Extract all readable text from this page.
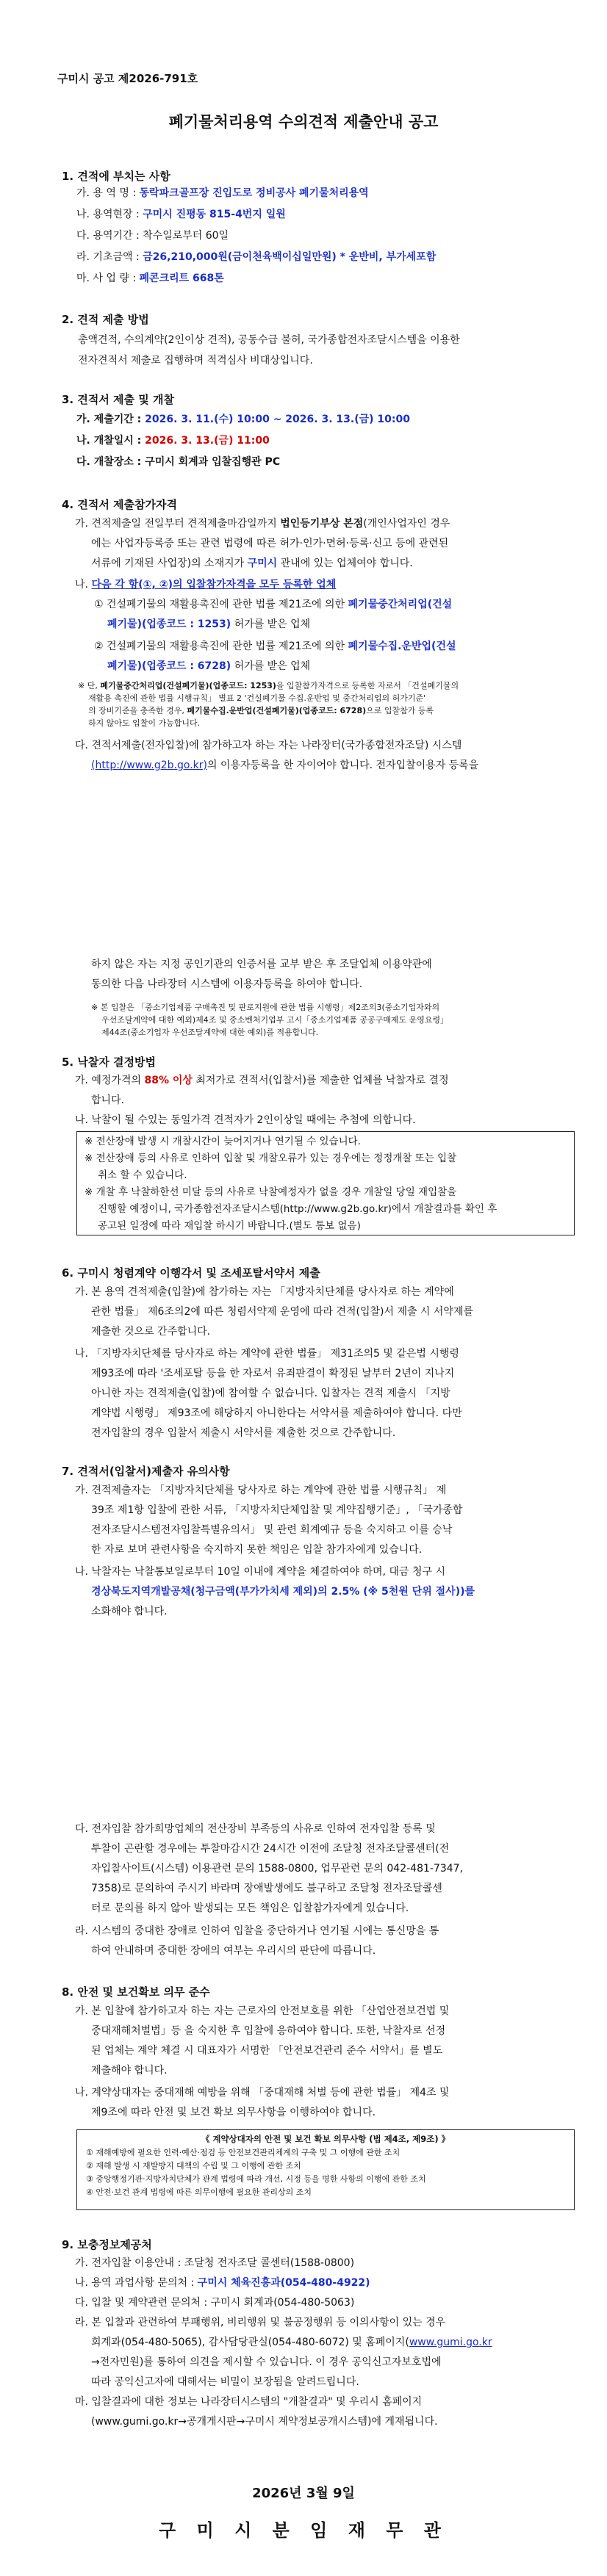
구미시 공고 제2026-791호
폐기물처리용역 수의견적 제출안내 공고
1. 견적에 부치는 사항
가. 용 역 명 : 동락파크골프장 진입도로 정비공사 폐기물처리용역
나. 용역현장 : 구미시 진평동 815-4번지 일원
다. 용역기간 : 착수일로부터 60일
라. 기초금액 : 금26,210,000원(금이천육백이십일만원) * 운반비, 부가세포함
마. 사 업 량 : 폐콘크리트 668톤
2. 견적 제출 방법
총액견적, 수의계약(2인이상 견적), 공동수급 불허, 국가종합전자조달시스템을 이용한
전자견적서 제출로 집행하며 적격심사 비대상입니다.
3. 견적서 제출 및 개찰
가. 제출기간 : 2026. 3. 11.(수) 10:00 ~ 2026. 3. 13.(금) 10:00
나. 개찰일시 : 2026. 3. 13.(금) 11:00
다. 개찰장소 : 구미시 회계과 입찰집행관 PC
4. 견적서 제출참가자격
가. 견적제출일 전일부터 견적제출마감일까지 법인등기부상 본점(개인사업자인 경우
에는 사업자등록증 또는 관련 법령에 따른 허가·인가·면허·등록·신고 등에 관련된
서류에 기재된 사업장)의 소재지가 구미시 관내에 있는 업체여야 합니다.
나. 다음 각 항(①, ②)의 입찰참가자격을 모두 등록한 업체
① 건설폐기물의 재활용촉진에 관한 법률 제21조에 의한 폐기물중간처리업(건설
폐기물)(업종코드 : 1253) 허가를 받은 업체
② 건설폐기물의 재활용촉진에 관한 법률 제21조에 의한 폐기물수집.운반업(건설
폐기물)(업종코드 : 6728) 허가를 받은 업체
※ 단, 폐기물중간처리업(건설폐기물)(업종코드: 1253)을 입찰참가자격으로 등록한 자로서 「건설폐기물의
재활용 촉진에 관한 법률 시행규칙」 별표 2 '건설폐기물 수집.운반업 및 중간처리업의 허가기준'
의 장비기준을 충족한 경우, 폐기물수집.운반업(건설폐기물)(업종코드: 6728)으로 입찰참가 등록
하지 않아도 입찰이 가능합니다.
다. 견적서제출(전자입찰)에 참가하고자 하는 자는 나라장터(국가종합전자조달) 시스템
(http://www.g2b.go.kr)의 이용자등록을 한 자이어야 합니다. 전자입찰이용자 등록을
하지 않은 자는 지정 공인기관의 인증서를 교부 받은 후 조달업체 이용약관에
동의한 다음 나라장터 시스템에 이용자등록을 하여야 합니다.
※ 본 입찰은 「중소기업제품 구매촉진 및 판로지원에 관한 법률 시행령」제2조의3(중소기업자와의
우선조달계약에 대한 예외)제4조 및 중소벤처기업부 고시「중소기업제품 공공구매제도 운영요령」
제44조(중소기업자 우선조달계약에 대한 예외)를 적용합니다.
5. 낙찰자 결정방법
가. 예정가격의 88% 이상 최저가로 견적서(입찰서)를 제출한 업체를 낙찰자로 결정
합니다.
나. 낙찰이 될 수있는 동일가격 견적자가 2인이상일 때에는 추첨에 의합니다.
※ 전산장애 발생 시 개찰시간이 늦어지거나 연기될 수 있습니다.
※ 전산장애 등의 사유로 인하여 입찰 및 개찰오류가 있는 경우에는 정정개찰 또는 입찰
취소 할 수 있습니다.
※ 개찰 후 낙찰하한선 미달 등의 사유로 낙찰예정자가 없을 경우 개찰일 당일 재입찰을
진행할 예정이니, 국가종합전자조달시스템(http://www.g2b.go.kr)에서 개찰결과를 확인 후
공고된 일정에 따라 재입찰 하시기 바랍니다.(별도 통보 없음)
6. 구미시 청렴계약 이행각서 및 조세포탈서약서 제출
가. 본 용역 견적제출(입찰)에 참가하는 자는 「지방자치단체를 당사자로 하는 계약에
관한 법률」 제6조의2에 따른 청렴서약제 운영에 따라 견적(입찰)서 제출 시 서약제를
제출한 것으로 간주합니다.
나. 「지방자치단체를 당사자로 하는 계약에 관한 법률」 제31조의5 및 같은법 시행령
제93조에 따라 '조세포탈 등을 한 자로서 유죄판결이 확정된 날부터 2년이 지나지
아니한 자는 견적제출(입찰)에 참여할 수 없습니다. 입찰자는 견적 제출시 「지방
계약법 시행령」 제93조에 해당하지 아니한다는 서약서를 제출하여야 합니다. 다만
전자입찰의 경우 입찰서 제출시 서약서를 제출한 것으로 간주합니다.
7. 견적서(입찰서)제출자 유의사항
가. 견적제출자는 「지방자치단체를 당사자로 하는 계약에 관한 법률 시행규칙」 제
39조 제1항 입찰에 관한 서류, 「지방자치단체입찰 및 계약집행기준」, 「국가종합
전자조달시스템전자입찰특별유의서」 및 관련 회계예규 등을 숙지하고 이를 승낙
한 자로 보며 관련사항을 숙지하지 못한 책임은 입찰 참가자에게 있습니다.
나. 낙찰자는 낙찰통보일로부터 10일 이내에 계약을 체결하여야 하며, 대금 청구 시
경상북도지역개발공채(청구금액(부가가치세 제외)의 2.5% (※ 5천원 단위 절사))를
소화해야 합니다.
다. 전자입찰 참가희망업체의 전산장비 부족등의 사유로 인하여 전자입찰 등록 및
투찰이 곤란할 경우에는 투찰마감시간 24시간 이전에 조달청 전자조달콜센터(전
자입찰사이트(시스템) 이용관련 문의 1588-0800, 업무관련 문의 042-481-7347,
7358)로 문의하여 주시기 바라며 장애발생에도 불구하고 조달청 전자조달콜센
터로 문의를 하지 않아 발생되는 모든 책임은 입찰참가자에게 있습니다.
라. 시스템의 중대한 장애로 인하여 입찰을 중단하거나 연기될 시에는 통신망을 통
하여 안내하며 중대한 장애의 여부는 우리시의 판단에 따릅니다.
8. 안전 및 보건확보 의무 준수
가. 본 입찰에 참가하고자 하는 자는 근로자의 안전보호를 위한 「산업안전보건법 및
중대재해처벌법」등 을 숙지한 후 입찰에 응하여야 합니다. 또한, 낙찰자로 선정
된 업체는 계약 체결 시 대표자가 서명한 「안전보건관리 준수 서약서」를 별도
제출해야 합니다.
나. 계약상대자는 중대재해 예방을 위해 「중대재해 처벌 등에 관한 법률」 제4조 및
제9조에 따라 안전 및 보건 확보 의무사항을 이행하여야 합니다.
《 계약상대자의 안전 및 보건 확보 의무사항 (법 제4조, 제9조) 》
① 재해예방에 필요한 인력·예산·점검 등 안전보건관리체계의 구축 및 그 이행에 관한 조치
② 재해 발생 시 재발방지 대책의 수립 및 그 이행에 관한 조치
③ 중앙행정기관·지방자치단체가 관계 법령에 따라 개선, 시정 등을 명한 사항의 이행에 관한 조치
④ 안전·보건 관계 법령에 따른 의무이행에 필요한 관리상의 조치
9. 보충정보제공처
가. 전자입찰 이용안내 : 조달청 전자조달 콜센터(1588-0800)
나. 용역 과업사항 문의처 : 구미시 체육진흥과(054-480-4922)
다. 입찰 및 계약관련 문의처 : 구미시 회계과(054-480-5063)
라. 본 입찰과 관련하여 부패행위, 비리행위 및 불공정행위 등 이의사항이 있는 경우
회계과(054-480-5065), 감사담당관실(054-480-6072) 및 홈페이지(www.gumi.go.kr
→전자민원)를 통하여 의견을 제시할 수 있습니다. 이 경우 공익신고자보호법에
따라 공익신고자에 대해서는 비밀이 보장됨을 알려드립니다.
마. 입찰결과에 대한 정보는 나라장터시스템의 "개찰결과" 및 우리시 홈페이지
(www.gumi.go.kr→공개게시판→구미시 계약정보공개시스템)에 게재됩니다.
2026년 3월 9일
구 미 시 분 임 재 무 관
